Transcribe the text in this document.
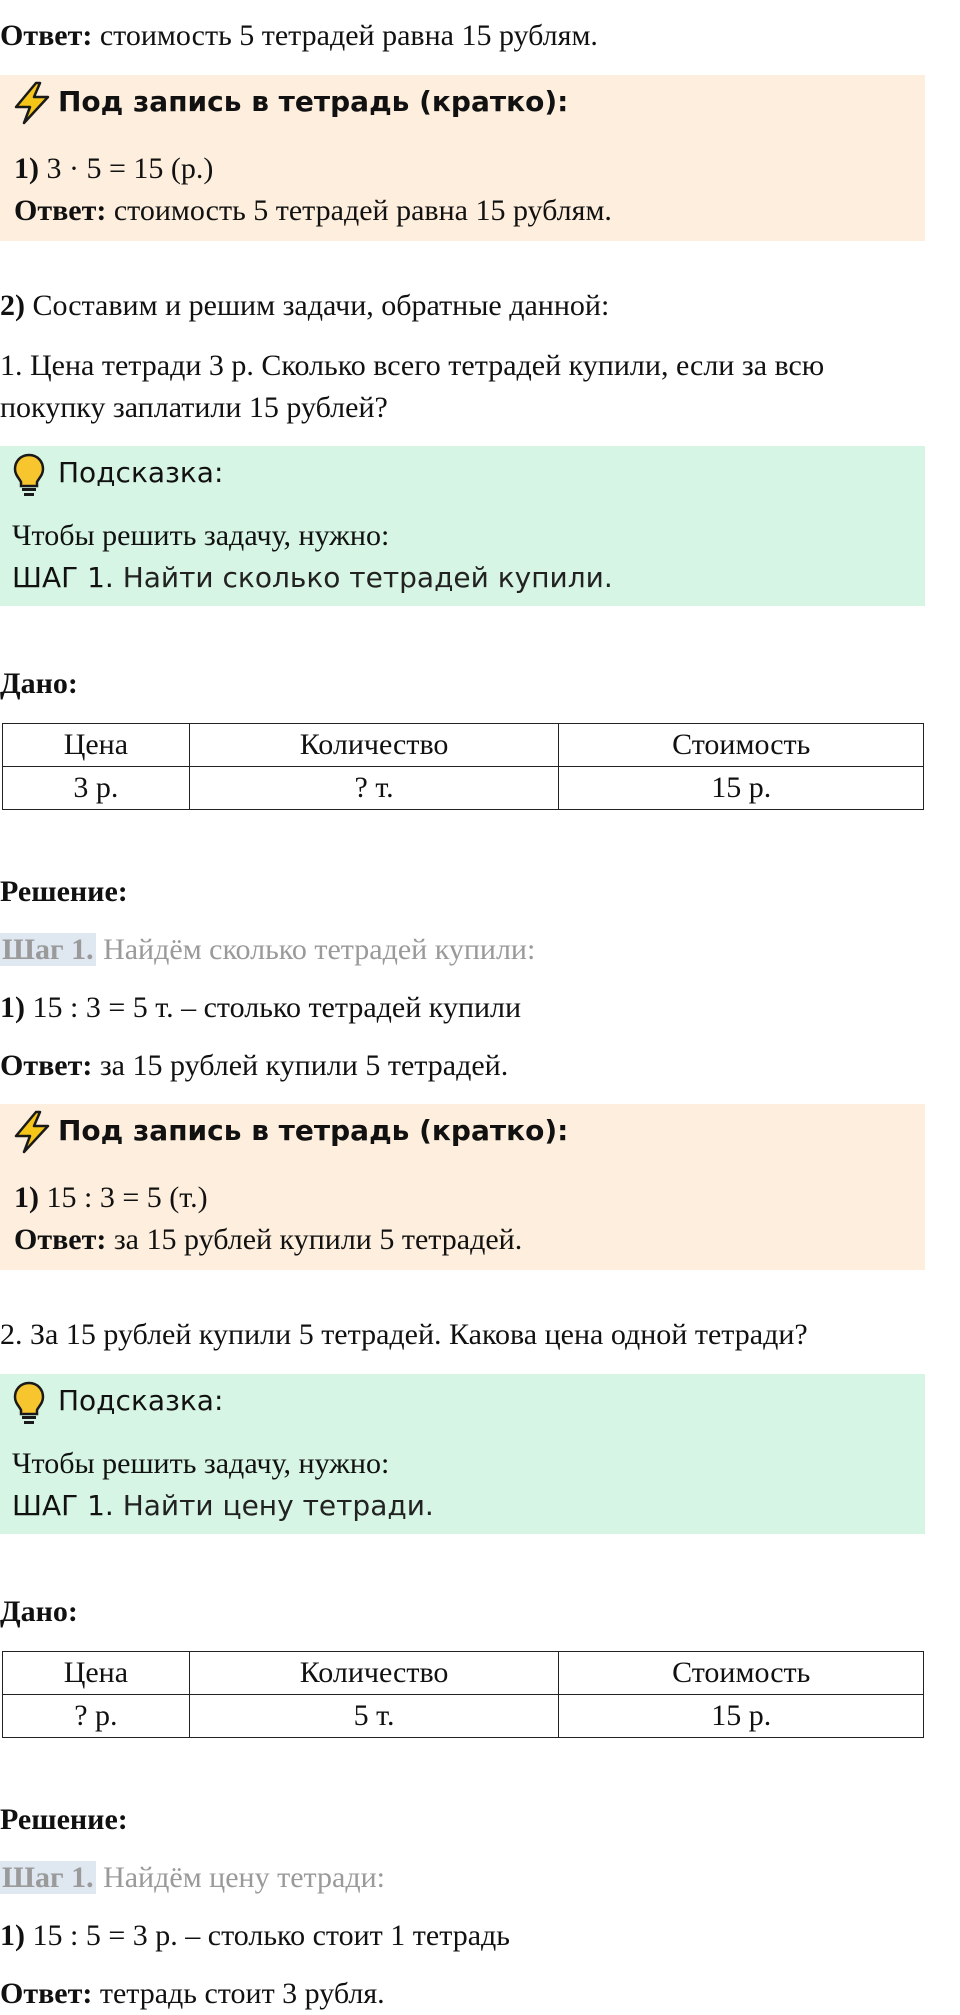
Ответ: стоимость 5 тетрадей равна 15 рублям.
Под запись в тетрадь (кратко):
1) 3 · 5 = 15 (р.)
Ответ: стоимость 5 тетрадей равна 15 рублям.
2) Составим и решим задачи, обратные данной:
1. Цена тетради 3 р. Сколько всего тетрадей купили, если за всю
покупку заплатили 15 рублей?
Подсказка:
Чтобы решить задачу, нужно:
ШАГ 1. Найти сколько тетрадей купили.
Дано:
Цена	Количество	Стоимость
3 р.	? т.	15 р.
Решение:
Шаг 1. Найдём сколько тетрадей купили:
1) 15 : 3 = 5 т. – столько тетрадей купили
Ответ: за 15 рублей купили 5 тетрадей.
Под запись в тетрадь (кратко):
1) 15 : 3 = 5 (т.)
Ответ: за 15 рублей купили 5 тетрадей.
2. За 15 рублей купили 5 тетрадей. Какова цена одной тетради?
Подсказка:
Чтобы решить задачу, нужно:
ШАГ 1. Найти цену тетради.
Дано:
Цена	Количество	Стоимость
? р.	5 т.	15 р.
Решение:
Шаг 1. Найдём цену тетради:
1) 15 : 5 = 3 р. – столько стоит 1 тетрадь
Ответ: тетрадь стоит 3 рубля.
